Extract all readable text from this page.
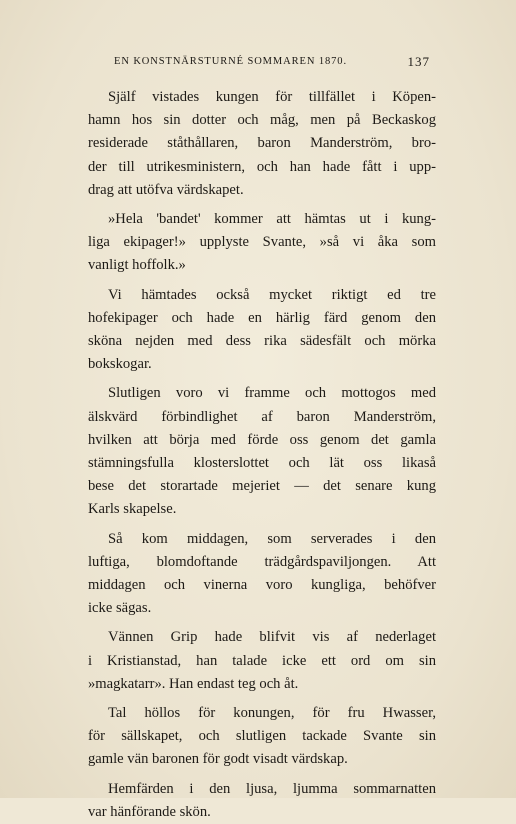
EN KONSTNÄRSTURNÉ SOMMAREN 1870.	137
Själf vistades kungen för tillfället i Köpen-
hamn hos sin dotter och måg, men på Beckaskog
residerade ståthållaren, baron Manderström, bro-
der till utrikesministern, och han hade fått i upp-
drag att utöfva värdskapet.
»Hela 'bandet' kommer att hämtas ut i kung-
liga ekipager!» upplyste Svante, »så vi åka som
vanligt hoffolk.»
Vi hämtades också mycket riktigt ed tre
hofekipager och hade en härlig färd genom den
sköna nejden med dess rika sädesfält och mörka
bokskogar.
Slutligen voro vi framme och mottogos med
älskvärd förbindlighet af baron Manderström,
hvilken att börja med förde oss genom det gamla
stämningsfulla klosterslottet och lät oss likaså
bese det storartade mejeriet — det senare kung
Karls skapelse.
Så kom middagen, som serverades i den
luftiga, blomdoftande trädgårdspaviljongen. Att
middagen och vinerna voro kungliga, behöfver
icke sägas.
Vännen Grip hade blifvit vis af nederlaget
i Kristianstad, han talade icke ett ord om sin
»magkatarr». Han endast teg och åt.
Tal höllos för konungen, för fru Hwasser,
för sällskapet, och slutligen tackade Svante sin
gamle vän baronen för godt visadt värdskap.
Hemfärden i den ljusa, ljumma sommarnatten
var hänförande skön.
